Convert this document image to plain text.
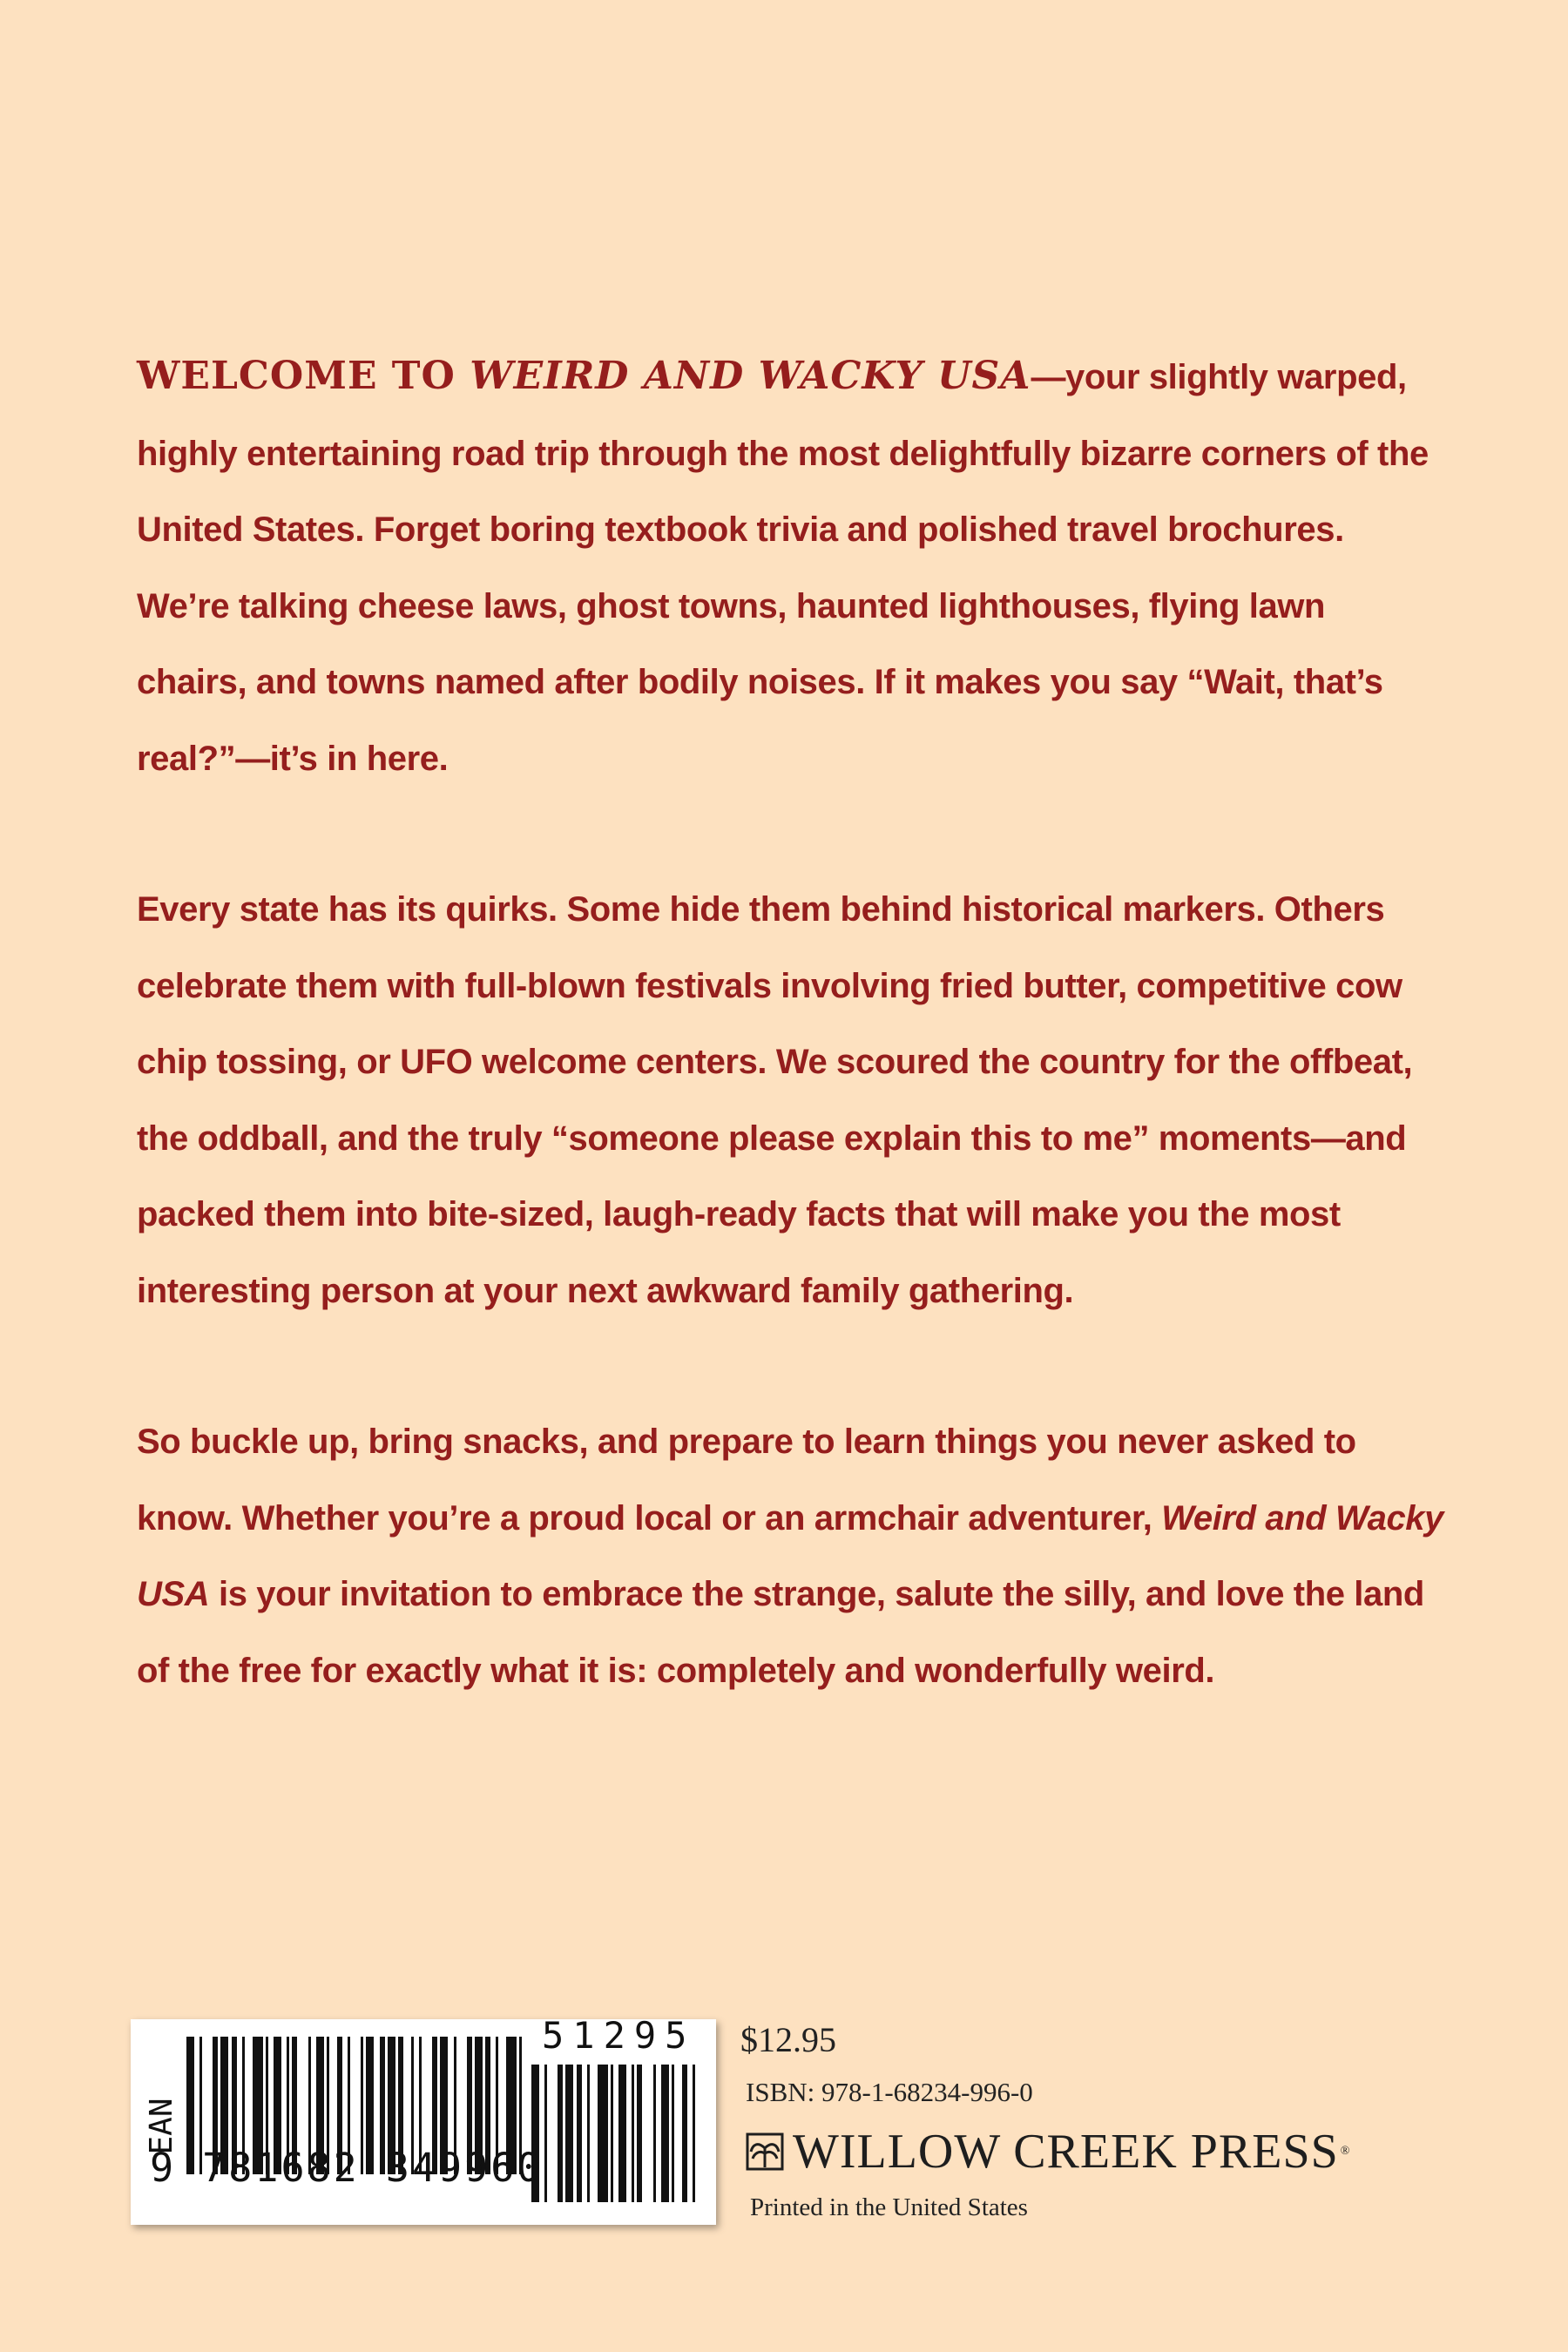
WELCOME TO WEIRD AND WACKY USA—your slightly warped, highly entertaining road trip through the most delightfully bizarre corners of the United States. Forget boring textbook trivia and polished travel brochures. We’re talking cheese laws, ghost towns, haunted lighthouses, flying lawn chairs, and towns named after bodily noises. If it makes you say “Wait, that’s real?”—it’s in here.

Every state has its quirks. Some hide them behind historical markers. Others celebrate them with full-blown festivals involving fried butter, competitive cow chip tossing, or UFO welcome centers. We scoured the country for the offbeat, the oddball, and the truly “someone please explain this to me” moments—and packed them into bite-sized, laugh-ready facts that will make you the most interesting person at your next awkward family gathering.

So buckle up, bring snacks, and prepare to learn things you never asked to know. Whether you’re a proud local or an armchair adventurer, Weird and Wacky USA is your invitation to embrace the strange, salute the silly, and love the land of the free for exactly what it is: completely and wonderfully weird.

EAN
9 781682 349960
51295 $12.95
ISBN: 978-1-68234-996-0
WILLOW CREEK PRESS ®
Printed in the United States
